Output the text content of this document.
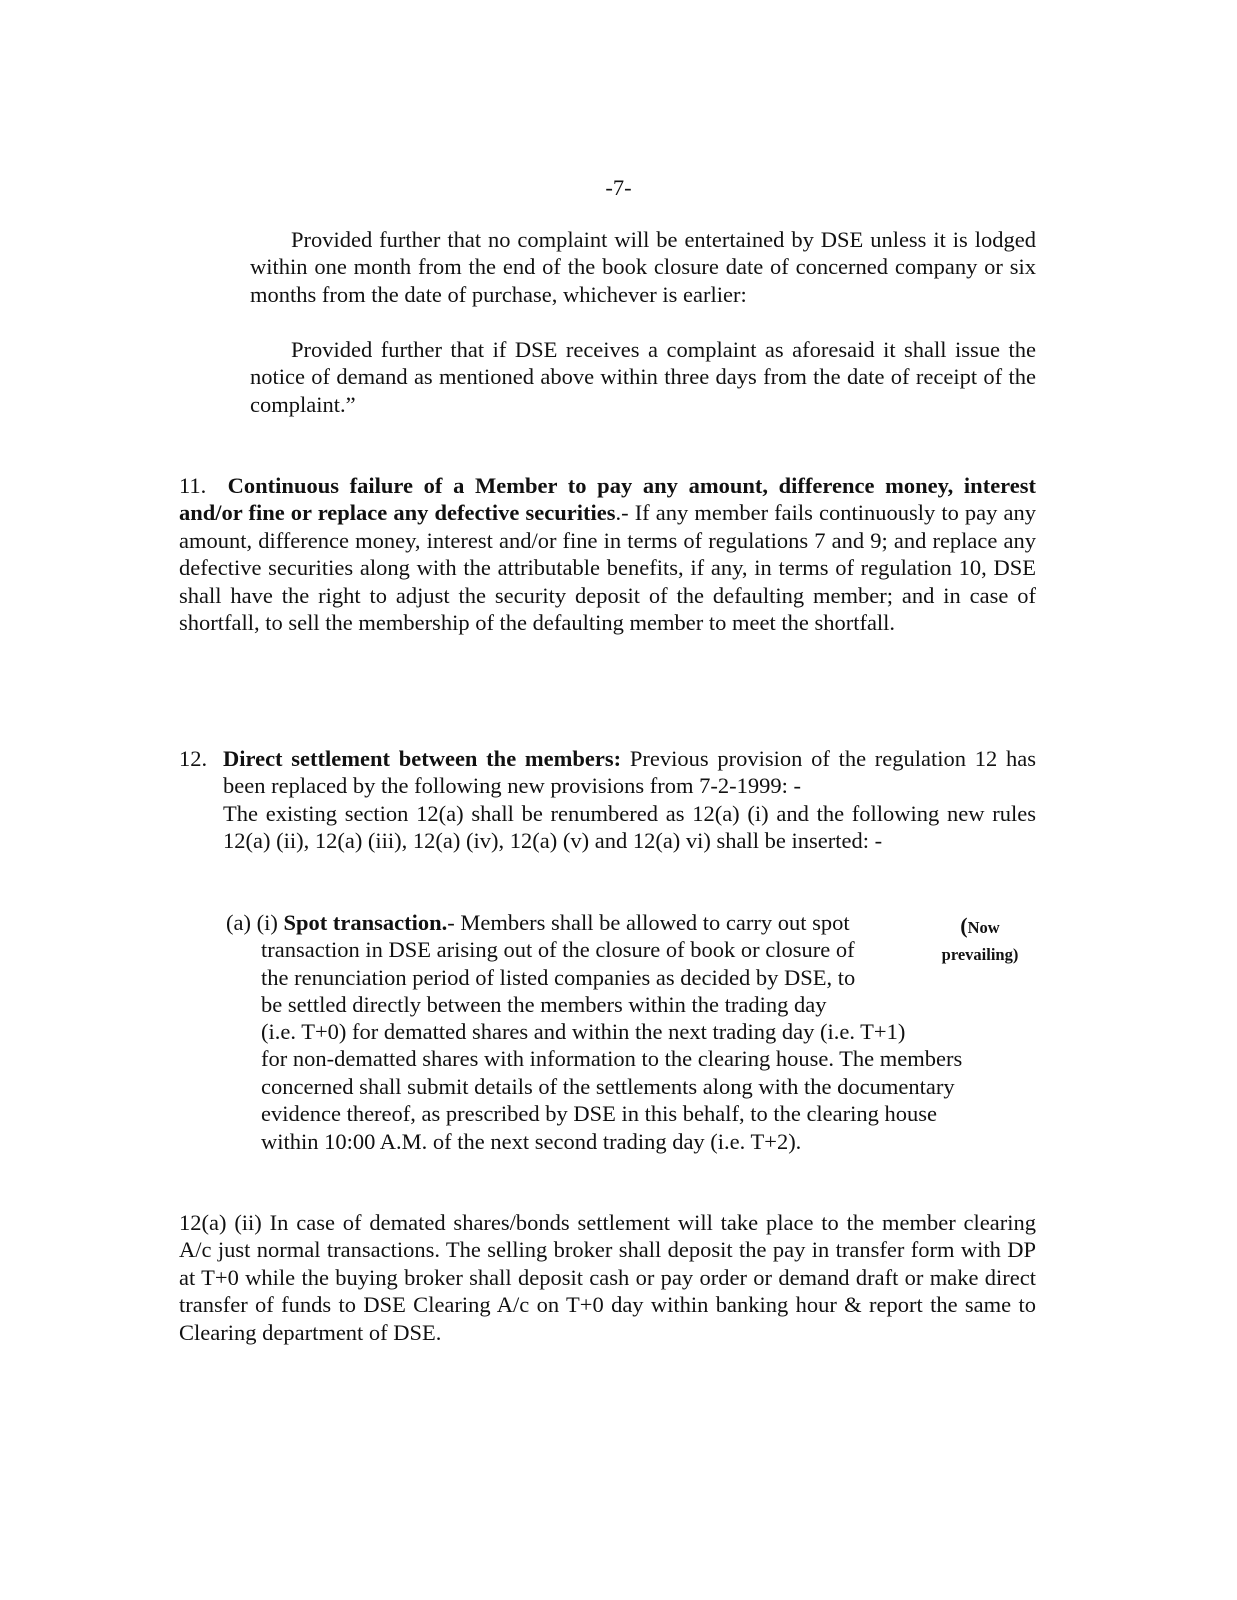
-7-

Provided further that no complaint will be entertained by DSE unless it is lodged within one month from the end of the book closure date of concerned company or six months from the date of purchase, whichever is earlier:

Provided further that if DSE receives a complaint as aforesaid it shall issue the notice of demand as mentioned above within three days from the date of receipt of the complaint.”

11. Continuous failure of a Member to pay any amount, difference money, interest and/or fine or replace any defective securities.- If any member fails continuously to pay any amount, difference money, interest and/or fine in terms of regulations 7 and 9; and replace any defective securities along with the attributable benefits, if any, in terms of regulation 10, DSE shall have the right to adjust the security deposit of the defaulting member; and in case of shortfall, to sell the membership of the defaulting member to meet the shortfall.

12. Direct settlement between the members: Previous provision of the regulation 12 has been replaced by the following new provisions from 7-2-1999: -

The existing section 12(a) shall be renumbered as 12(a) (i) and the following new rules 12(a) (ii), 12(a) (iii), 12(a) (iv), 12(a) (v) and 12(a) vi) shall be inserted: -

(a) (i) Spot transaction.- Members shall be allowed to carry out spot
transaction in DSE arising out of the closure of book or closure of
the renunciation period of listed companies as decided by DSE, to
be settled directly between the members within the trading day
(Now
prevailing)
(i.e. T+0) for dematted shares and within the next trading day (i.e. T+1)
for non-dematted shares with information to the clearing house. The members
concerned shall submit details of the settlements along with the documentary
evidence thereof, as prescribed by DSE in this behalf, to the clearing house
within 10:00 A.M. of the next second trading day (i.e. T+2).

12(a) (ii) In case of demated shares/bonds settlement will take place to the member clearing A/c just normal transactions. The selling broker shall deposit the pay in transfer form with DP at T+0 while the buying broker shall deposit cash or pay order or demand draft or make direct transfer of funds to DSE Clearing A/c on T+0 day within banking hour & report the same to Clearing department of DSE.
